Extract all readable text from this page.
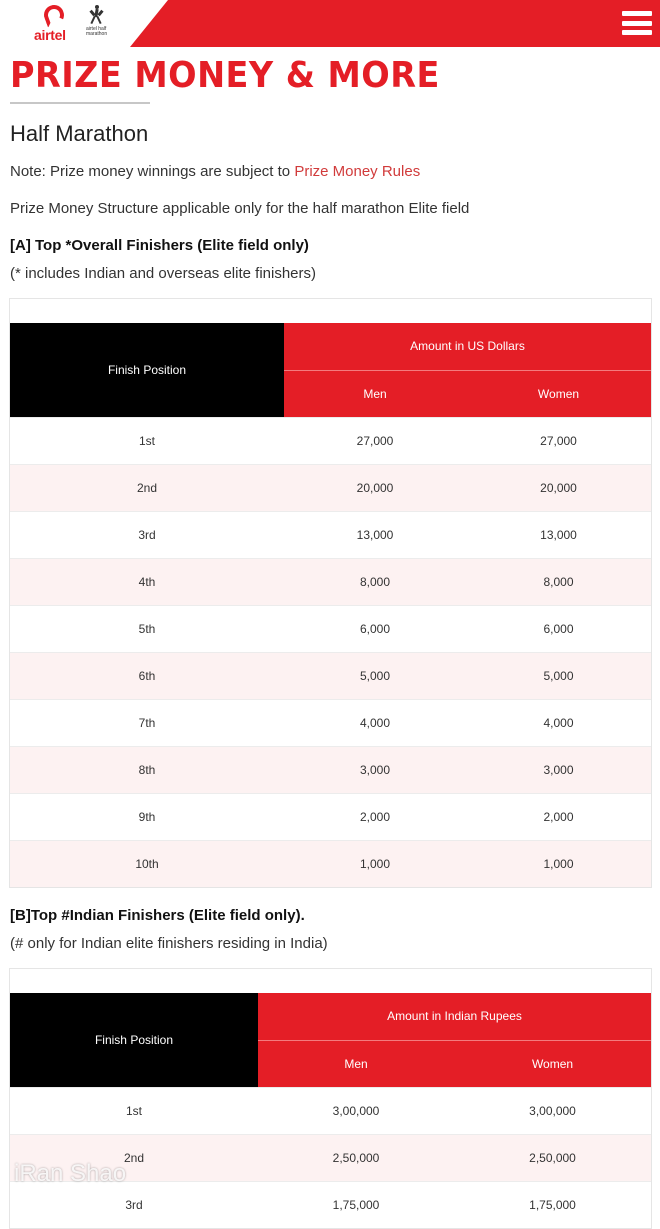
airtel	airtel half marathon
PRIZE MONEY & MORE
Half Marathon
Note: Prize money winnings are subject to Prize Money Rules
Prize Money Structure applicable only for the half marathon Elite field
[A] Top *Overall Finishers (Elite field only)
(* includes Indian and overseas elite finishers)
Finish Position	Amount in US Dollars	
	Men	Women
1st	27,000	27,000
2nd	20,000	20,000
3rd	13,000	13,000
4th	8,000	8,000
5th	6,000	6,000
6th	5,000	5,000
7th	4,000	4,000
8th	3,000	3,000
9th	2,000	2,000
10th	1,000	1,000
[B]Top #Indian Finishers (Elite field only).
(# only for Indian elite finishers residing in India)
Finish Position	Amount in Indian Rupees	
	Men	Women
1st	3,00,000	3,00,000
2nd	2,50,000	2,50,000
3rd	1,75,000	1,75,000
iRan Shao
